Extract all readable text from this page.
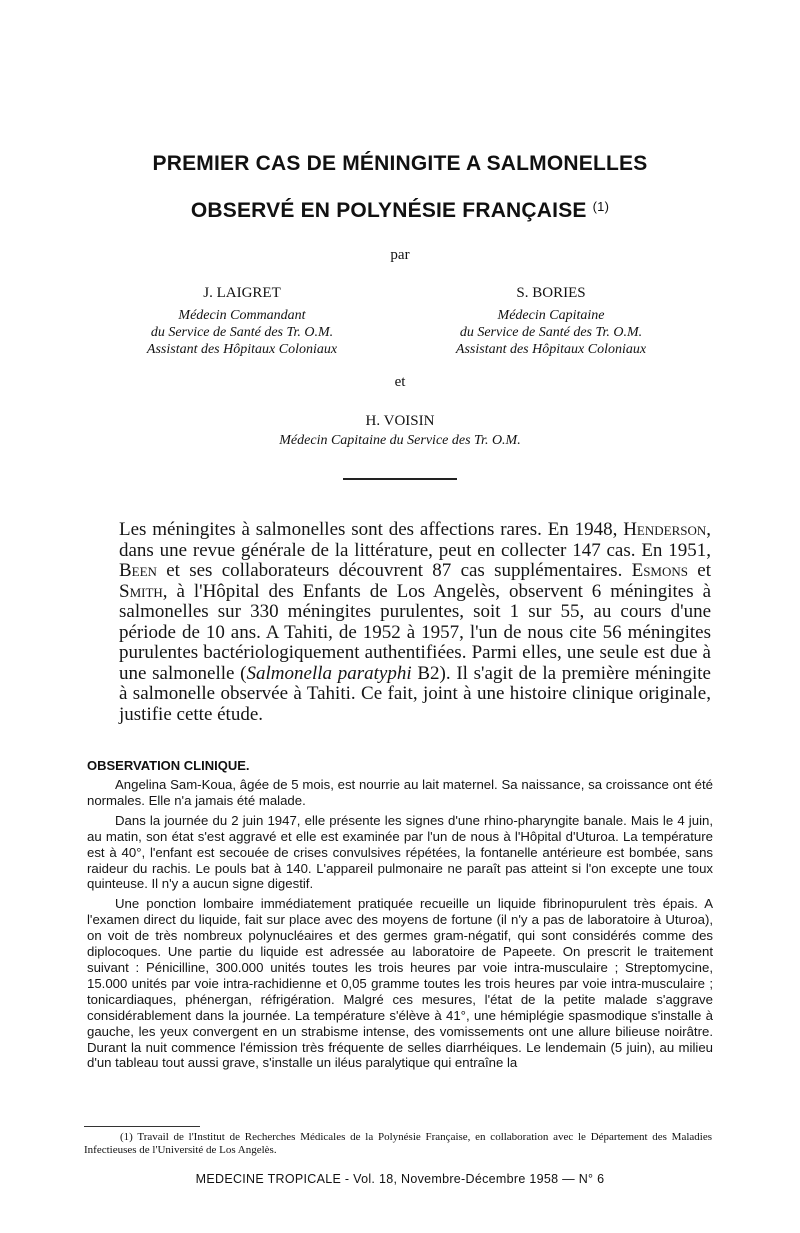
PREMIER CAS DE MÉNINGITE A SALMONELLES
OBSERVÉ EN POLYNÉSIE FRANÇAISE $^{(1)}$
par
J. LAIGRET
Médecin Commandant
du Service de Santé des Tr. O.M.
Assistant des Hôpitaux Coloniaux
S. BORIES
Médecin Capitaine
du Service de Santé des Tr. O.M.
Assistant des Hôpitaux Coloniaux
et
H. VOISIN
Médecin Capitaine du Service des Tr. O.M.
Les méningites à salmonelles sont des affections rares. En 1948, Henderson, dans une revue générale de la littérature, peut en collecter 147 cas. En 1951, Been et ses collaborateurs découvrent 87 cas supplémentaires. Esmons et Smith, à l'Hôpital des Enfants de Los Angelès, observent 6 méningites à salmonelles sur 330 méningites purulentes, soit 1 sur 55, au cours d'une période de 10 ans. A Tahiti, de 1952 à 1957, l'un de nous cite 56 méningites purulentes bactériologiquement authentifiées. Parmi elles, une seule est due à une salmonelle (Salmonella paratyphi B2). Il s'agit de la première méningite à salmonelle observée à Tahiti. Ce fait, joint à une histoire clinique originale, justifie cette étude.
OBSERVATION CLINIQUE.

Angelina Sam-Koua, âgée de 5 mois, est nourrie au lait maternel. Sa naissance, sa croissance ont été normales. Elle n'a jamais été malade.

Dans la journée du 2 juin 1947, elle présente les signes d'une rhino-pharyngite banale. Mais le 4 juin, au matin, son état s'est aggravé et elle est examinée par l'un de nous à l'Hôpital d'Uturoa. La température est à 40°, l'enfant est secouée de crises convulsives répétées, la fontanelle antérieure est bombée, sans raideur du rachis. Le pouls bat à 140. L'appareil pulmonaire ne paraît pas atteint si l'on excepte une toux quinteuse. Il n'y a aucun signe digestif.

Une ponction lombaire immédiatement pratiquée recueille un liquide fibrinopurulent très épais. A l'examen direct du liquide, fait sur place avec des moyens de fortune (il n'y a pas de laboratoire à Uturoa), on voit de très nombreux polynucléaires et des germes gram-négatif, qui sont considérés comme des diplocoques. Une partie du liquide est adressée au laboratoire de Papeete. On prescrit le traitement suivant : Pénicilline, 300.000 unités toutes les trois heures par voie intra-musculaire ; Streptomycine, 15.000 unités par voie intra-rachidienne et 0,05 gramme toutes les trois heures par voie intra-musculaire ; tonicardiaques, phénergan, réfrigération. Malgré ces mesures, l'état de la petite malade s'aggrave considérablement dans la journée. La température s'élève à 41°, une hémiplégie spasmodique s'installe à gauche, les yeux convergent en un strabisme intense, des vomissements ont une allure bilieuse noirâtre. Durant la nuit commence l'émission très fréquente de selles diarrhéiques. Le lendemain (5 juin), au milieu d'un tableau tout aussi grave, s'installe un iléus paralytique qui entraîne la

(1) Travail de l'Institut de Recherches Médicales de la Polynésie Française, en collaboration avec le Département des Maladies Infectieuses de l'Université de Los Angelès.
MEDECINE TROPICALE - Vol. 18, Novembre-Décembre 1958 — N° 6
